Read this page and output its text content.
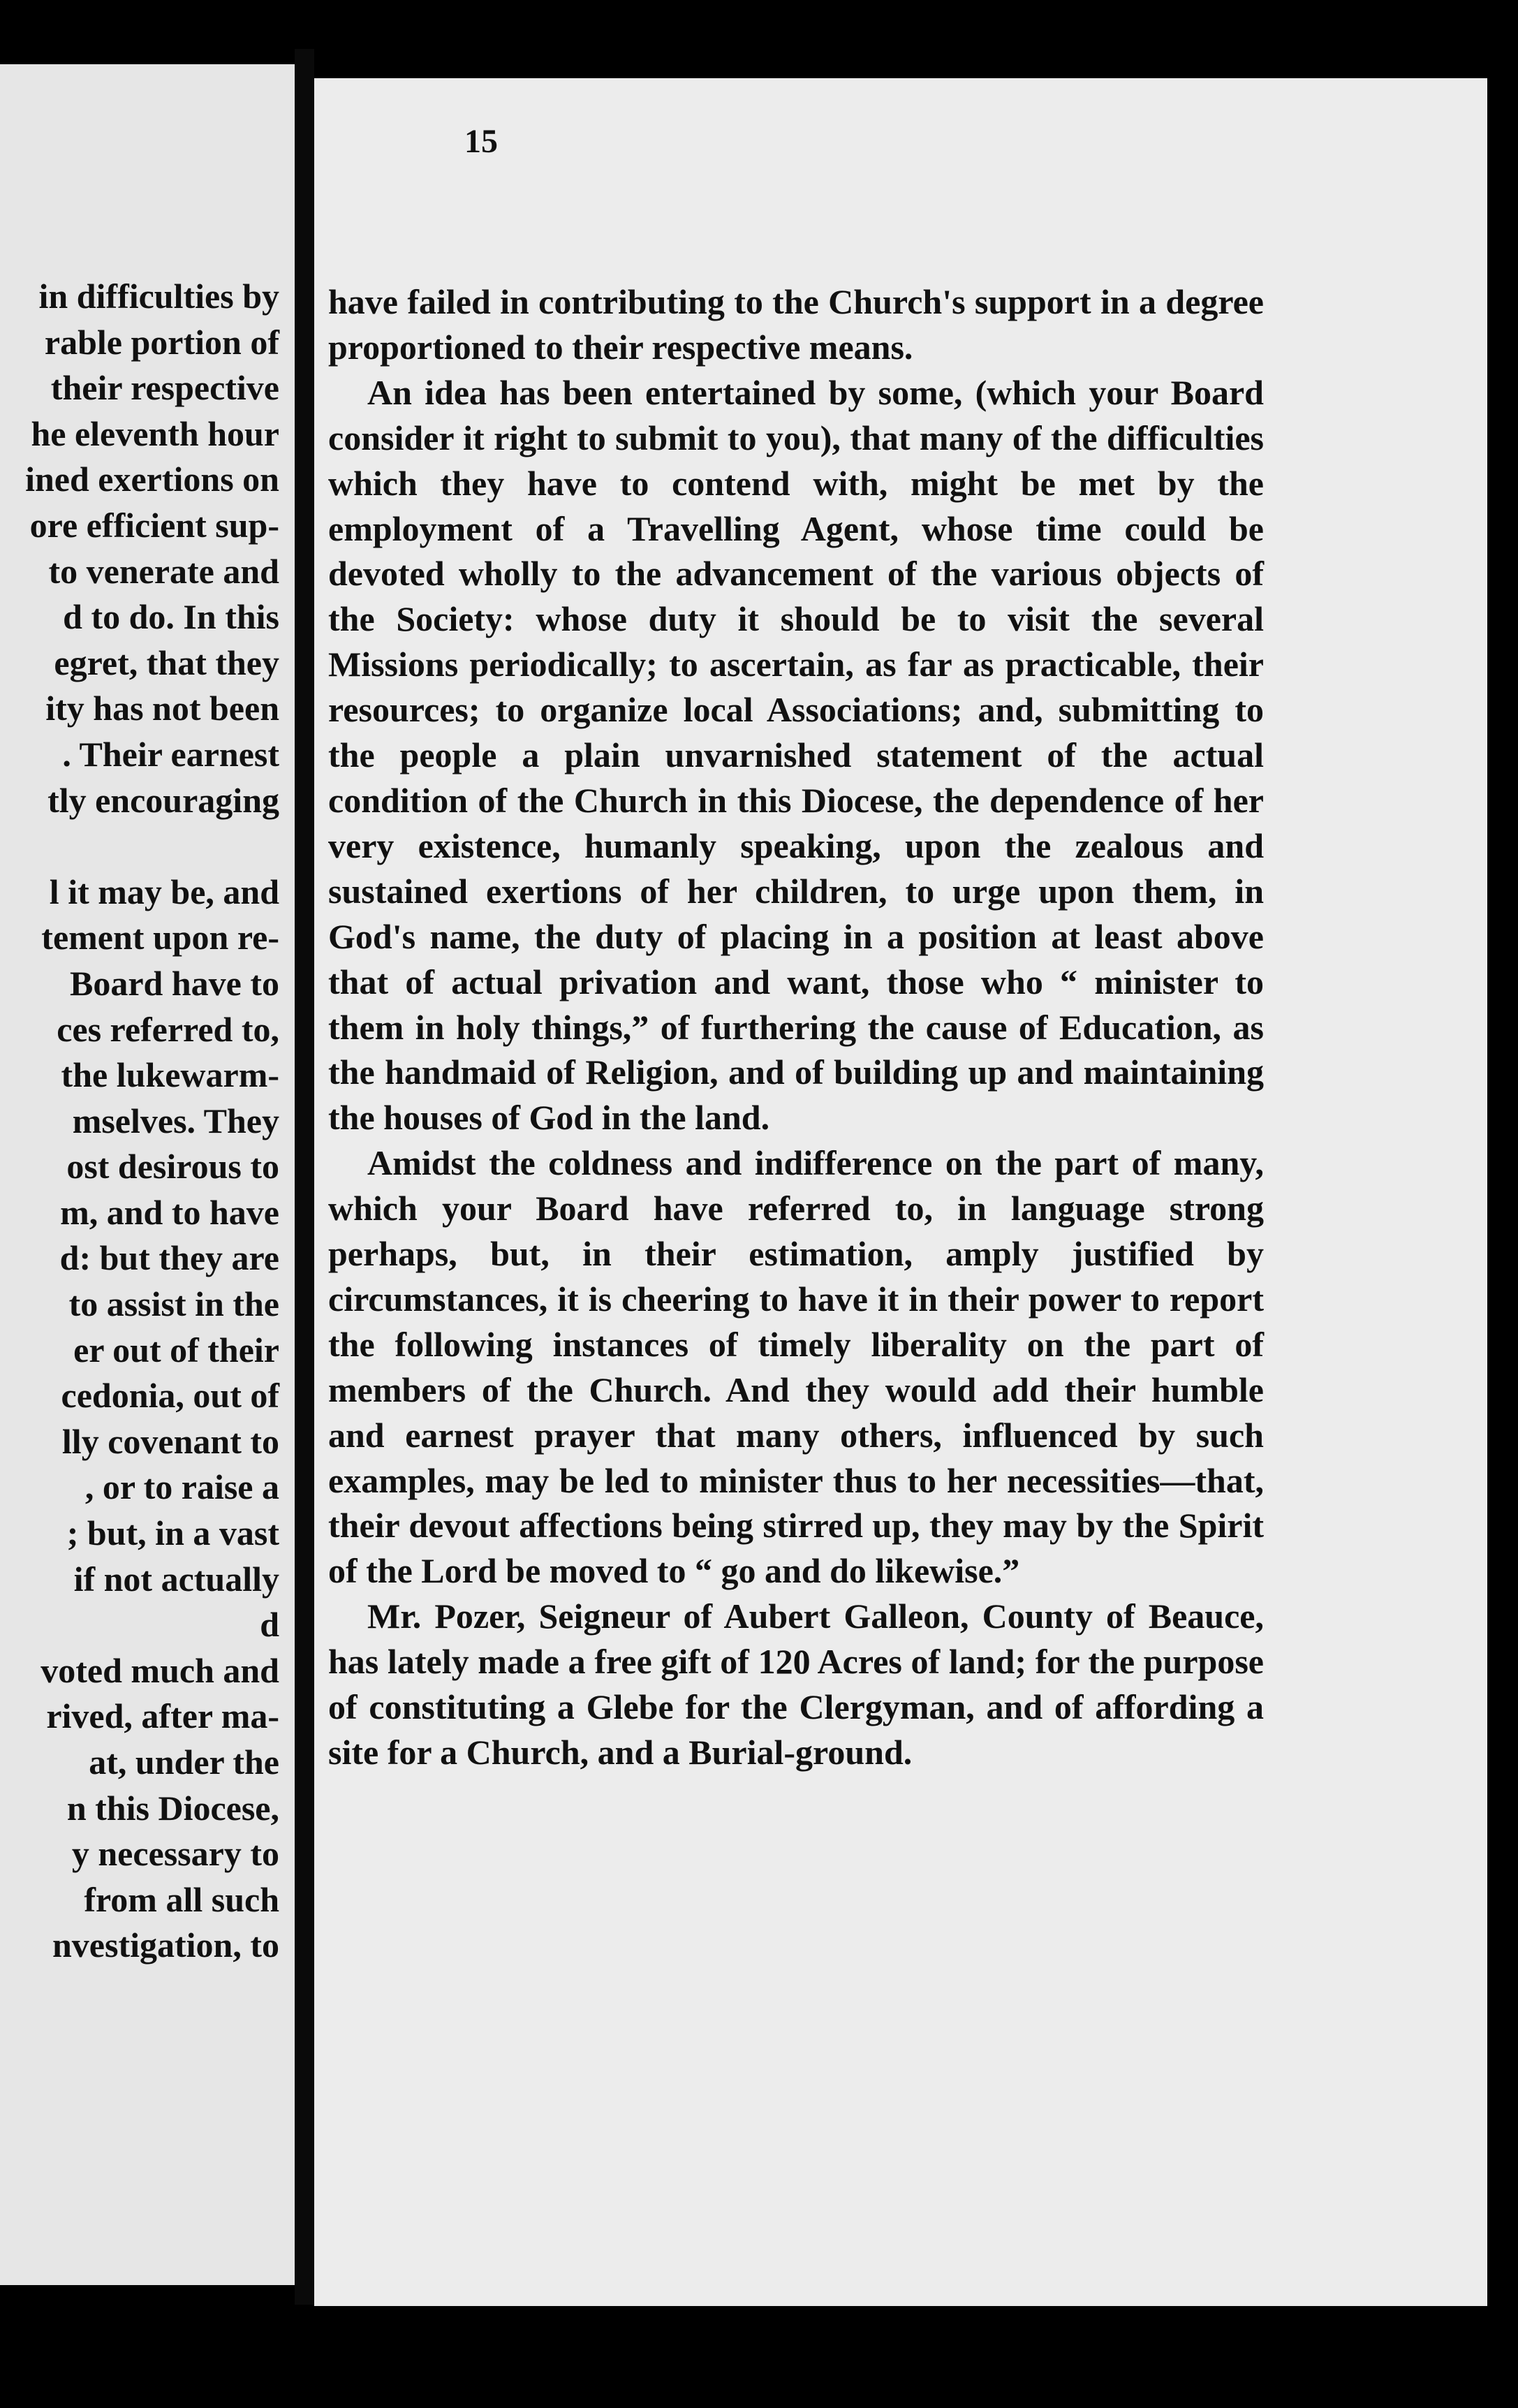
in difficulties by
rable portion of
their respective
he eleventh hour
ined exertions on
ore efficient sup-
to venerate and
d to do. In this
egret, that they
ity has not been
. Their earnest
tly encouraging
l it may be, and
tement upon re-
Board have to
ces referred to,
the lukewarm-
mselves. They
ost desirous to
m, and to have
d: but they are
to assist in the
er out of their
cedonia, out of
lly covenant to
, or to raise a
; but, in a vast
if not actually
d
voted much and
rived, after ma-
at, under the
n this Diocese,
y necessary to
from all such
nvestigation, to
15

have failed in contributing to the Church's support in a degree proportioned to their respective means.

An idea has been entertained by some, (which your Board consider it right to submit to you), that many of the difficulties which they have to contend with, might be met by the employment of a Travelling Agent, whose time could be devoted wholly to the advancement of the various objects of the Society: whose duty it should be to visit the several Missions periodically; to ascertain, as far as practicable, their resources; to organize local Associations; and, submitting to the people a plain unvarnished statement of the actual condition of the Church in this Diocese, the dependence of her very existence, humanly speaking, upon the zealous and sustained exertions of her children, to urge upon them, in God's name, the duty of placing in a position at least above that of actual privation and want, those who “ minister to them in holy things,” of furthering the cause of Education, as the handmaid of Religion, and of building up and maintaining the houses of God in the land.

Amidst the coldness and indifference on the part of many, which your Board have referred to, in language strong perhaps, but, in their estimation, amply justified by circumstances, it is cheering to have it in their power to report the following instances of timely liberality on the part of members of the Church. And they would add their humble and earnest prayer that many others, influenced by such examples, may be led to minister thus to her necessities—that, their devout affections being stirred up, they may by the Spirit of the Lord be moved to “ go and do likewise.”

Mr. Pozer, Seigneur of Aubert Galleon, County of Beauce, has lately made a free gift of 120 Acres of land; for the purpose of constituting a Glebe for the Clergyman, and of affording a site for a Church, and a Burial-ground.
